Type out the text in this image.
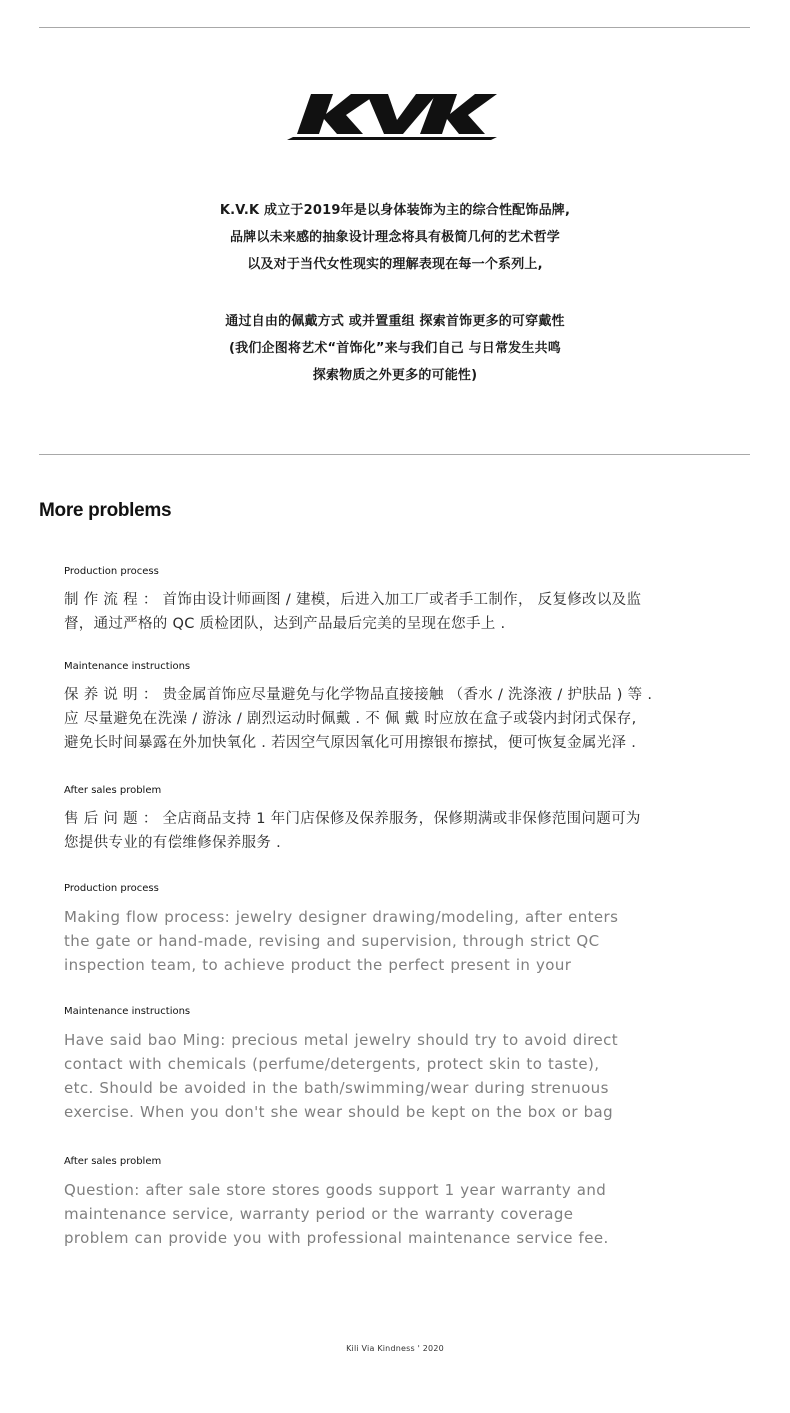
K.V.K 成立于2019年是以身体装饰为主的综合性配饰品牌,
品牌以未来感的抽象设计理念将具有极简几何的艺术哲学
以及对于当代女性现实的理解表现在每一个系列上,
通过自由的佩戴方式 或并置重组 探索首饰更多的可穿戴性
(我们企图将艺术“首饰化”来与我们自己 与日常发生共鸣
探索物质之外更多的可能性)
More problems
Production process
制 作 流 程 ： 首饰由设计师画图 / 建模，后进入加工厂或者手工制作， 反复修改以及监
督，通过严格的 QC 质检团队，达到产品最后完美的呈现在您手上 .
Maintenance instructions
保 养 说 明 ： 贵金属首饰应尽量避免与化学物品直接接触 （香水 / 洗涤液 / 护肤品 ) 等 .
应 尽量避免在洗澡 / 游泳 / 剧烈运动时佩戴 . 不 佩 戴 时应放在盒子或袋内封闭式保存,
避免长时间暴露在外加快氧化 . 若因空气原因氧化可用擦银布擦拭，便可恢复金属光泽 .
After sales problem
售 后 问 题 ： 全店商品支持 1 年门店保修及保养服务，保修期满或非保修范围问题可为
您提供专业的有偿维修保养服务 .
Production process
Making flow process: jewelry designer drawing/modeling, after enters
the gate or hand-made, revising and supervision, through strict QC
inspection team, to achieve product the perfect present in your
Maintenance instructions
Have said bao Ming: precious metal jewelry should try to avoid direct
contact with chemicals (perfume/detergents, protect skin to taste),
etc. Should be avoided in the bath/swimming/wear during strenuous
exercise. When you don't she wear should be kept on the box or bag
After sales problem
Question: after sale store stores goods support 1 year warranty and
maintenance service, warranty period or the warranty coverage
problem can provide you with professional maintenance service fee.
Kili Via Kindness ' 2020
